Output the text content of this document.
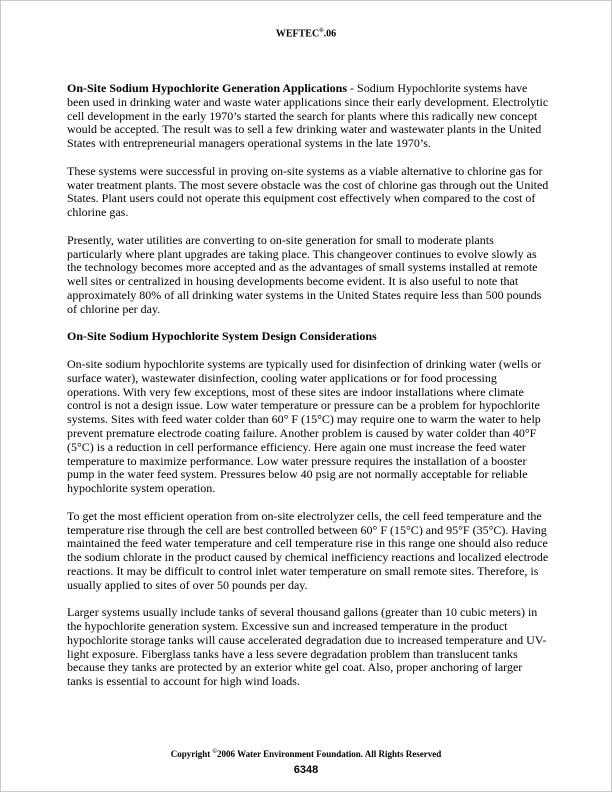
WEFTEC®.06

On-Site Sodium Hypochlorite Generation Applications - Sodium Hypochlorite systems have been used in drinking water and waste water applications since their early development. Electrolytic cell development in the early 1970’s started the search for plants where this radically new concept would be accepted. The result was to sell a few drinking water and wastewater plants in the United States with entrepreneurial managers operational systems in the late 1970’s.

These systems were successful in proving on-site systems as a viable alternative to chlorine gas for water treatment plants. The most severe obstacle was the cost of chlorine gas through out the United States. Plant users could not operate this equipment cost effectively when compared to the cost of chlorine gas.

Presently, water utilities are converting to on-site generation for small to moderate plants particularly where plant upgrades are taking place. This changeover continues to evolve slowly as the technology becomes more accepted and as the advantages of small systems installed at remote well sites or centralized in housing developments become evident. It is also useful to note that approximately 80% of all drinking water systems in the United States require less than 500 pounds of chlorine per day.

On-Site Sodium Hypochlorite System Design Considerations

On-site sodium hypochlorite systems are typically used for disinfection of drinking water (wells or surface water), wastewater disinfection, cooling water applications or for food processing operations. With very few exceptions, most of these sites are indoor installations where climate control is not a design issue. Low water temperature or pressure can be a problem for hypochlorite systems. Sites with feed water colder than 60° F (15°C) may require one to warm the water to help prevent premature electrode coating failure. Another problem is caused by water colder than 40°F (5°C) is a reduction in cell performance efficiency. Here again one must increase the feed water temperature to maximize performance. Low water pressure requires the installation of a booster pump in the water feed system. Pressures below 40 psig are not normally acceptable for reliable hypochlorite system operation.

To get the most efficient operation from on-site electrolyzer cells, the cell feed temperature and the temperature rise through the cell are best controlled between 60° F (15°C) and 95°F (35°C). Having maintained the feed water temperature and cell temperature rise in this range one should also reduce the sodium chlorate in the product caused by chemical inefficiency reactions and localized electrode reactions. It may be difficult to control inlet water temperature on small remote sites. Therefore, is usually applied to sites of over 50 pounds per day.

Larger systems usually include tanks of several thousand gallons (greater than 10 cubic meters) in the hypochlorite generation system. Excessive sun and increased temperature in the product hypochlorite storage tanks will cause accelerated degradation due to increased temperature and UV-light exposure. Fiberglass tanks have a less severe degradation problem than translucent tanks because they tanks are protected by an exterior white gel coat. Also, proper anchoring of larger tanks is essential to account for high wind loads.

Copyright ©2006 Water Environment Foundation. All Rights Reserved
6348
